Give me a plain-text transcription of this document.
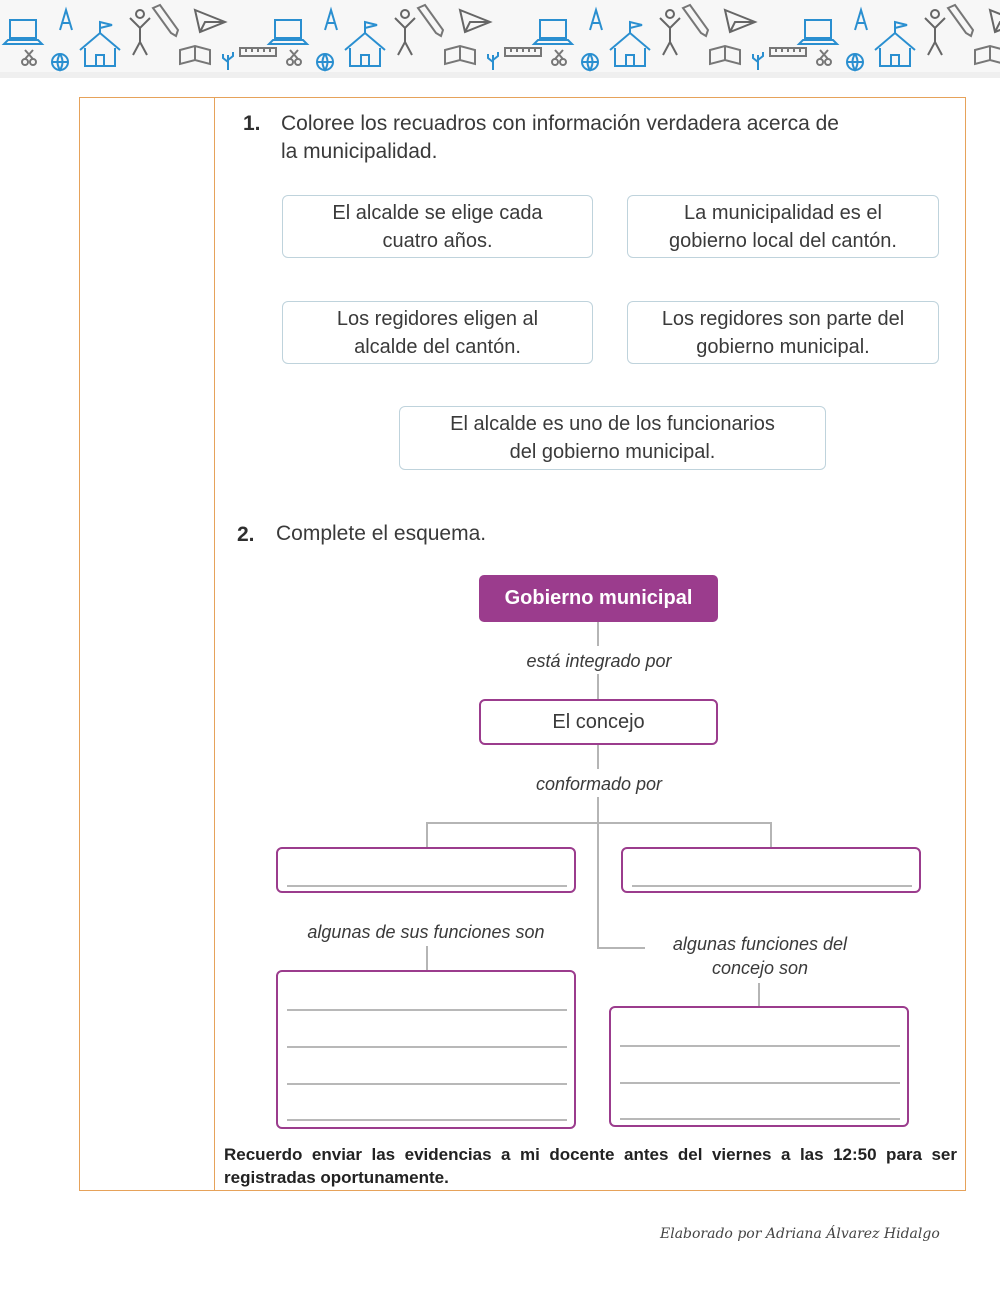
1. Coloree los recuadros con información verdadera acerca de
la municipalidad.
El alcalde se elige cada
cuatro años.
La municipalidad es el
gobierno local del cantón.
Los regidores eligen al
alcalde del cantón.
Los regidores son parte del
gobierno municipal.
El alcalde es uno de los funcionarios
del gobierno municipal.
2. Complete el esquema.
Gobierno municipal
está integrado por
El concejo
conformado por
algunas de sus funciones son
algunas funciones del
concejo son
Recuerdo enviar las evidencias a mi docente antes del viernes a las 12:50 para ser registradas oportunamente.
Elaborado por Adriana Álvarez Hidalgo
